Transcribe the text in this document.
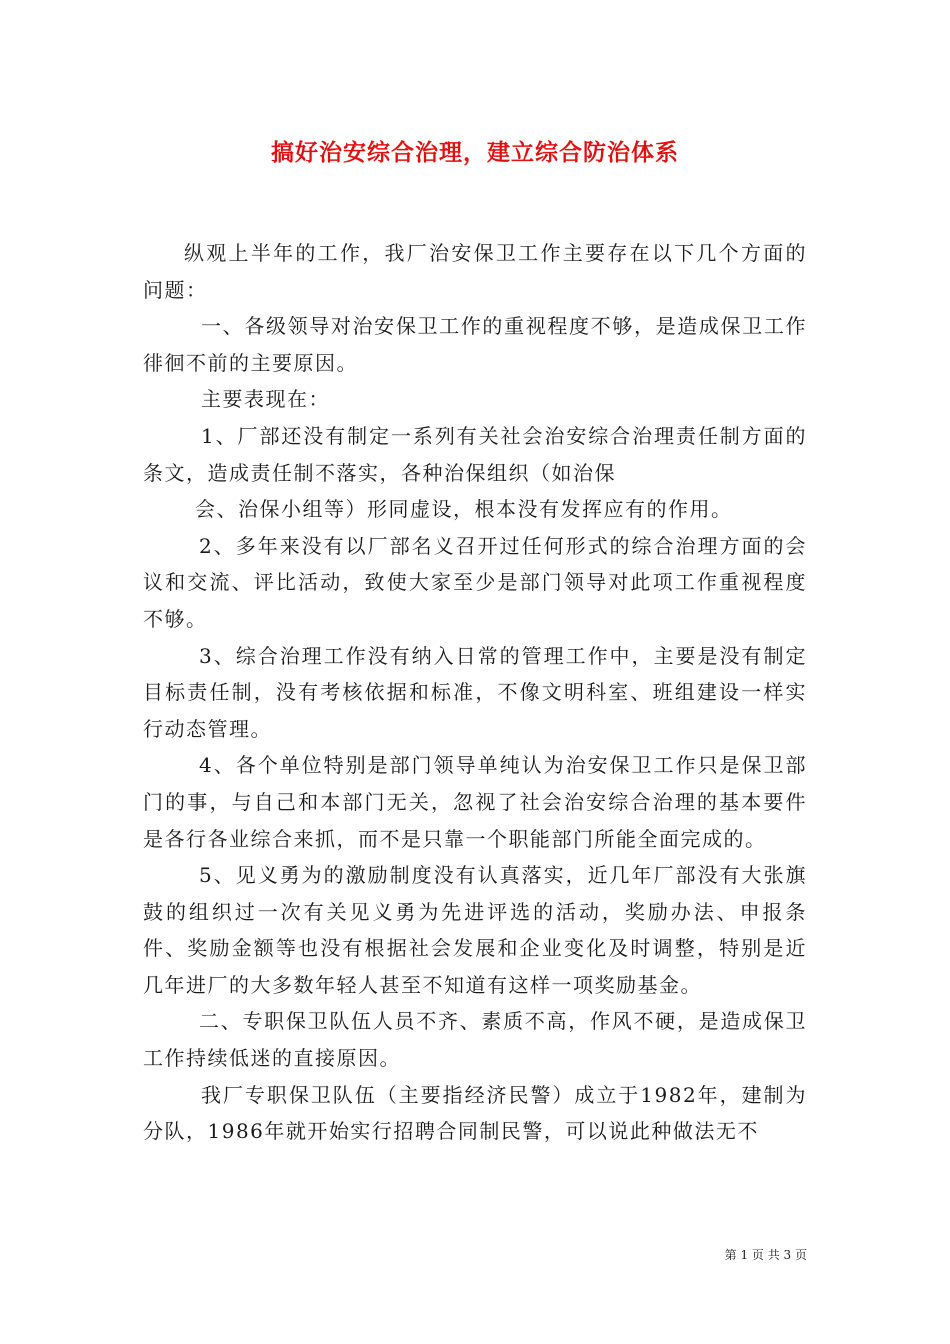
搞好治安综合治理，建立综合防治体系

纵观上半年的工作，我厂治安保卫工作主要存在以下几个方面的问题：

一、各级领导对治安保卫工作的重视程度不够，是造成保卫工作徘徊不前的主要原因。

主要表现在：

1、厂部还没有制定一系列有关社会治安综合治理责任制方面的条文，造成责任制不落实，各种治保组织（如治保

会、治保小组等）形同虚设，根本没有发挥应有的作用。

2、多年来没有以厂部名义召开过任何形式的综合治理方面的会议和交流、评比活动，致使大家至少是部门领导对此项工作重视程度不够。

3、综合治理工作没有纳入日常的管理工作中，主要是没有制定目标责任制，没有考核依据和标准，不像文明科室、班组建设一样实行动态管理。

4、各个单位特别是部门领导单纯认为治安保卫工作只是保卫部门的事，与自己和本部门无关，忽视了社会治安综合治理的基本要件是各行各业综合来抓，而不是只靠一个职能部门所能全面完成的。

5、见义勇为的激励制度没有认真落实，近几年厂部没有大张旗鼓的组织过一次有关见义勇为先进评选的活动，奖励办法、申报条件、奖励金额等也没有根据社会发展和企业变化及时调整，特别是近几年进厂的大多数年轻人甚至不知道有这样一项奖励基金。

二、专职保卫队伍人员不齐、素质不高，作风不硬，是造成保卫工作持续低迷的直接原因。

我厂专职保卫队伍（主要指经济民警）成立于1982年，建制为分队，1986年就开始实行招聘合同制民警，可以说此种做法无不

第 1 页 共 3 页
